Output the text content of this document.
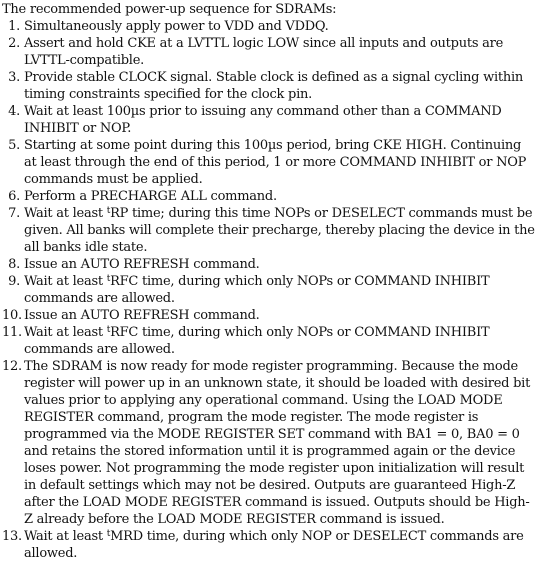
The recommended power-up sequence for SDRAMs:
1. Simultaneously apply power to VDD and VDDQ.
2. Assert and hold CKE at a LVTTL logic LOW since all inputs and outputs are LVTTL-compatible.
3. Provide stable CLOCK signal. Stable clock is defined as a signal cycling within timing constraints specified for the clock pin.
4. Wait at least 100µs prior to issuing any command other than a COMMAND INHIBIT or NOP.
5. Starting at some point during this 100µs period, bring CKE HIGH. Continuing at least through the end of this period, 1 or more COMMAND INHIBIT or NOP commands must be applied.
6. Perform a PRECHARGE ALL command.
7. Wait at least $^t$RP time; during this time NOPs or DESELECT commands must be given. All banks will complete their precharge, thereby placing the device in the all banks idle state.
8. Issue an AUTO REFRESH command.
9. Wait at least $^t$RFC time, during which only NOPs or COMMAND INHIBIT commands are allowed.
10. Issue an AUTO REFRESH command.
11. Wait at least $^t$RFC time, during which only NOPs or COMMAND INHIBIT commands are allowed.
12. The SDRAM is now ready for mode register programming. Because the mode register will power up in an unknown state, it should be loaded with desired bit values prior to applying any operational command. Using the LOAD MODE REGISTER command, program the mode register. The mode register is programmed via the MODE REGISTER SET command with BA1 = 0, BA0 = 0 and retains the stored information until it is programmed again or the device loses power. Not programming the mode register upon initialization will result in default settings which may not be desired. Outputs are guaranteed High-Z after the LOAD MODE REGISTER command is issued. Outputs should be High-Z already before the LOAD MODE REGISTER command is issued.
13. Wait at least $^t$MRD time, during which only NOP or DESELECT commands are allowed.
